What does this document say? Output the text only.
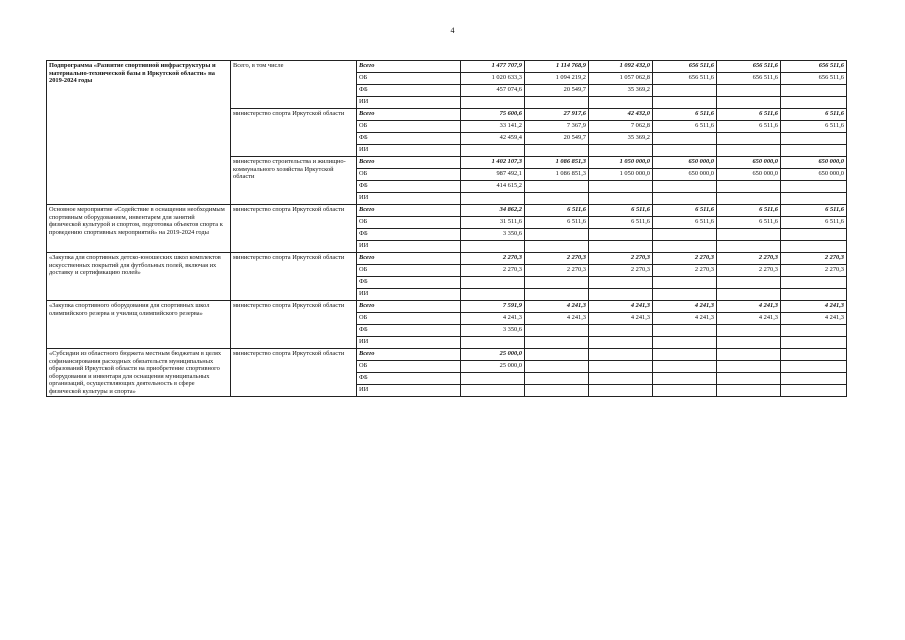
4
Подпрограмма «Развитие спортивной инфраструктуры и материально-технической базы в Иркутской области» на 2019-2024 годы	Всего, в том числе	Всего	1 477 707,9	1 114 768,9	1 092 432,0	656 511,6	656 511,6	656 511,6
		ОБ	1 020 633,3	1 094 219,2	1 057 062,8	656 511,6	656 511,6	656 511,6
		ФБ	457 074,6	20 549,7	35 369,2			
		ИИ						
	министерство спорта Иркутской области	Всего	75 600,6	27 917,6	42 432,0	6 511,6	6 511,6	6 511,6
		ОБ	33 141,2	7 367,9	7 062,8	6 511,6	6 511,6	6 511,6
		ФБ	42 459,4	20 549,7	35 369,2			
		ИИ						
	министерство строительства и жилищно-коммунального хозяйства Иркутской области	Всего	1 402 107,3	1 086 851,3	1 050 000,0	650 000,0	650 000,0	650 000,0
		ОБ	987 492,1	1 086 851,3	1 050 000,0	650 000,0	650 000,0	650 000,0
		ФБ	414 615,2					
		ИИ						
Основное мероприятие «Содействие в оснащении необходимым спортивным оборудованием, инвентарем для занятий физической культурой и спортом, подготовка объектов спорта к проведению спортивных мероприятий» на 2019-2024 годы	министерство спорта Иркутской области	Всего	34 862,2	6 511,6	6 511,6	6 511,6	6 511,6	6 511,6
		ОБ	31 511,6	6 511,6	6 511,6	6 511,6	6 511,6	6 511,6
		ФБ	3 350,6					
		ИИ						
«Закупка для спортивных детско-юношеских школ комплектов искусственных покрытий для футбольных полей, включая их доставку и сертификацию полей»	министерство спорта Иркутской области	Всего	2 270,3	2 270,3	2 270,3	2 270,3	2 270,3	2 270,3
		ОБ	2 270,3	2 270,3	2 270,3	2 270,3	2 270,3	2 270,3
		ФБ						
		ИИ						
«Закупка спортивного оборудования для спортивных школ олимпийского резерва и училищ олимпийского резерва»	министерство спорта Иркутской области	Всего	7 591,9	4 241,3	4 241,3	4 241,3	4 241,3	4 241,3
		ОБ	4 241,3	4 241,3	4 241,3	4 241,3	4 241,3	4 241,3
		ФБ	3 350,6					
		ИИ						
«Субсидии из областного бюджета местным бюджетам в целях софинансирования расходных обязательств муниципальных образований Иркутской области на приобретение спортивного оборудования и инвентаря для оснащения муниципальных организаций, осуществляющих деятельность в сфере физической культуры и спорта»	министерство спорта Иркутской области	Всего	25 000,0					
		ОБ	25 000,0					
		ФБ						
		ИИ						
